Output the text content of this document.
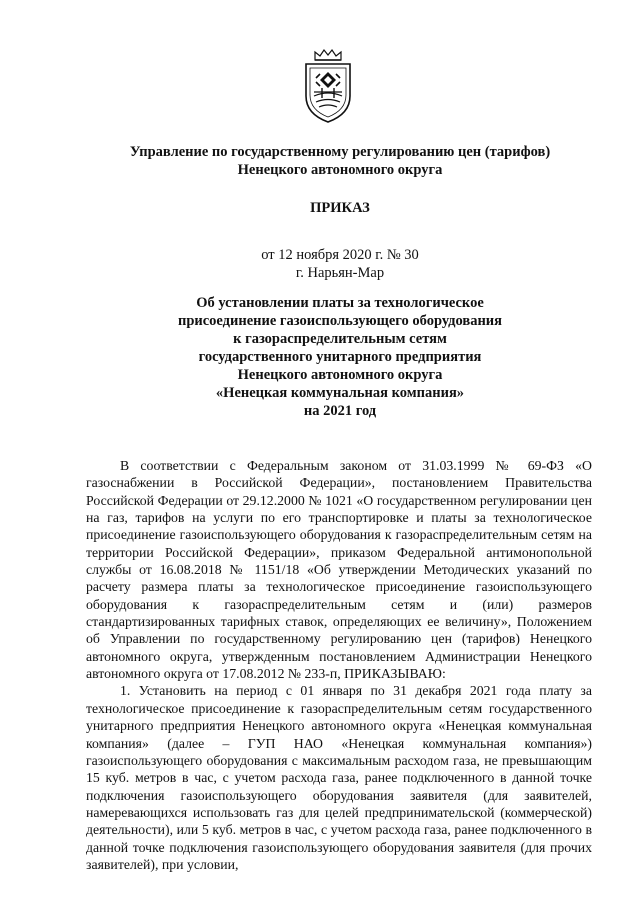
Управление по государственному регулированию цен (тарифов)
Ненецкого автономного округа
ПРИКАЗ
от 12 ноября 2020 г. № 30
г. Нарьян-Мар
Об установлении платы за технологическое
присоединение газоиспользующего оборудования
к газораспределительным сетям
государственного унитарного предприятия
Ненецкого автономного округа
«Ненецкая коммунальная компания»
на 2021 год

В соответствии с Федеральным законом от 31.03.1999 № 69-ФЗ «О газоснабжении в Российской Федерации», постановлением Правительства Российской Федерации от 29.12.2000 № 1021 «О государственном регулировании цен на газ, тарифов на услуги по его транспортировке и платы за технологическое присоединение газоиспользующего оборудования к газораспределительным сетям на территории Российской Федерации», приказом Федеральной антимонопольной службы от 16.08.2018 № 1151/18 «Об утверждении Методических указаний по расчету размера платы за технологическое присоединение газоиспользующего оборудования к газораспределительным сетям и (или) размеров стандартизированных тарифных ставок, определяющих ее величину», Положением об Управлении по государственному регулированию цен (тарифов) Ненецкого автономного округа, утвержденным постановлением Администрации Ненецкого автономного округа от 17.08.2012 № 233-п, ПРИКАЗЫВАЮ:

1. Установить на период с 01 января по 31 декабря 2021 года плату за технологическое присоединение к газораспределительным сетям государственного унитарного предприятия Ненецкого автономного округа «Ненецкая коммунальная компания» (далее – ГУП НАО «Ненецкая коммунальная компания») газоиспользующего оборудования с максимальным расходом газа, не превышающим 15 куб. метров в час, с учетом расхода газа, ранее подключенного в данной точке подключения газоиспользующего оборудования заявителя (для заявителей, намеревающихся использовать газ для целей предпринимательской (коммерческой) деятельности), или 5 куб. метров в час, с учетом расхода газа, ранее подключенного в данной точке подключения газоиспользующего оборудования заявителя (для прочих заявителей), при условии,
